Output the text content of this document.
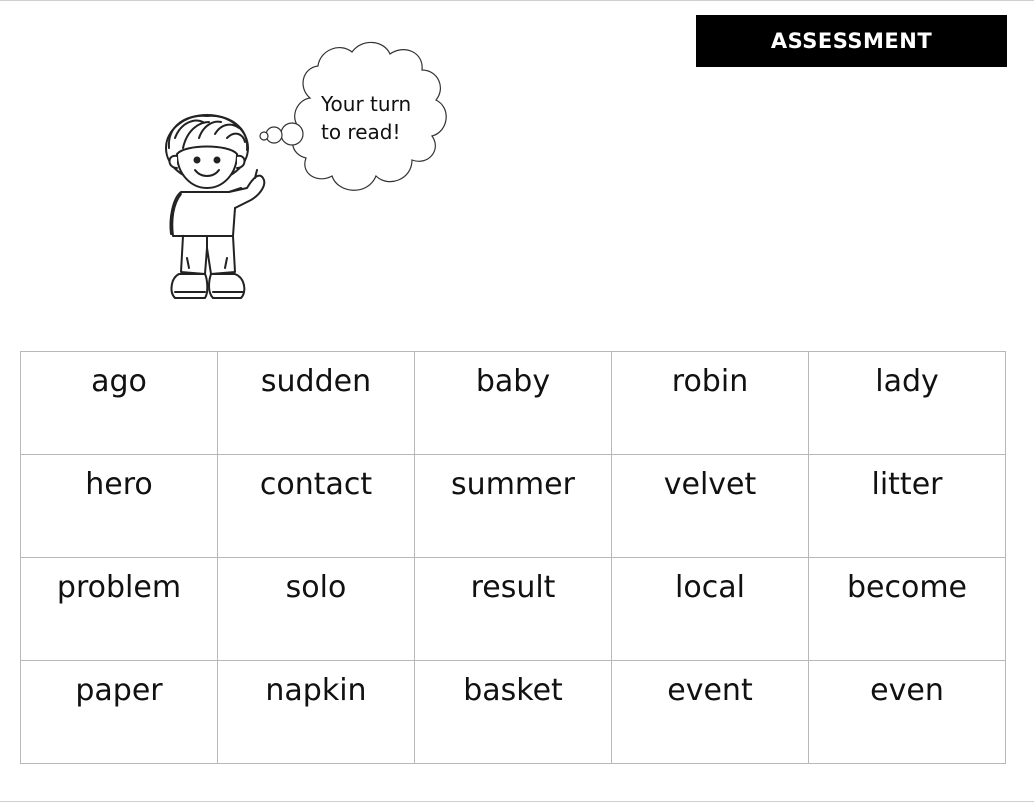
ASSESSMENT
Your turn
to read!
ago	sudden	baby	robin	lady
hero	contact	summer	velvet	litter
problem	solo	result	local	become
paper	napkin	basket	event	even
